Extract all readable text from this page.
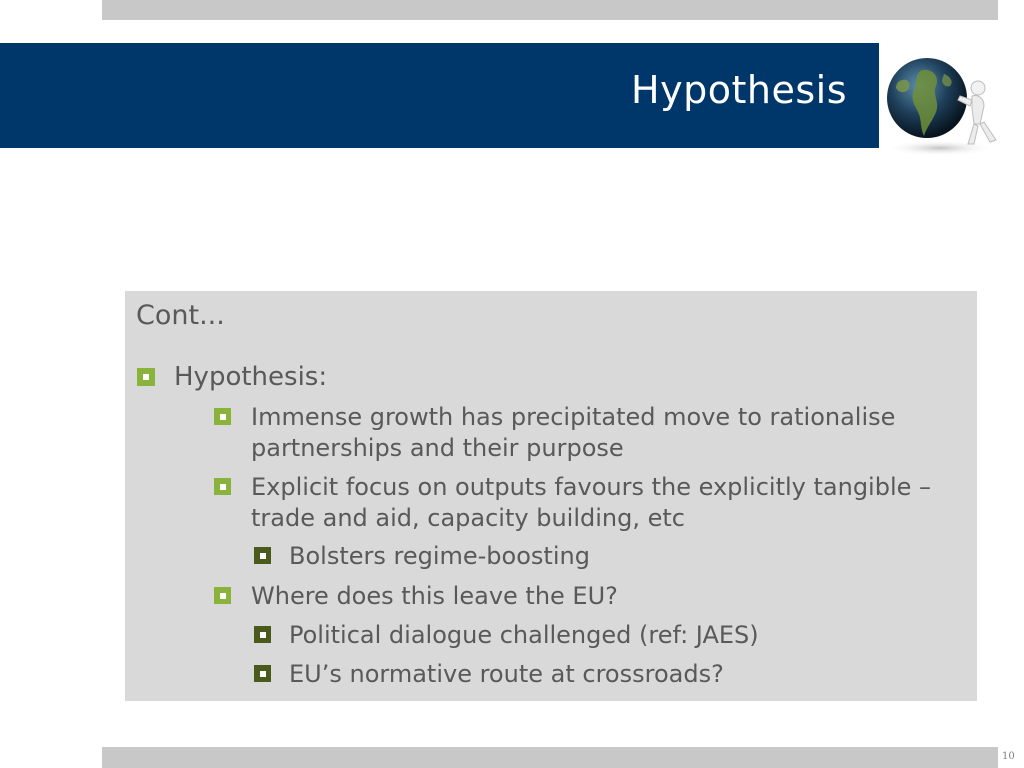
Hypothesis
Cont...
Hypothesis:
Immense growth has precipitated move to rationalise
partnerships and their purpose
Explicit focus on outputs favours the explicitly tangible –
trade and aid, capacity building, etc
Bolsters regime-boosting
Where does this leave the EU?
Political dialogue challenged (ref: JAES)
EU’s normative route at crossroads?
10
